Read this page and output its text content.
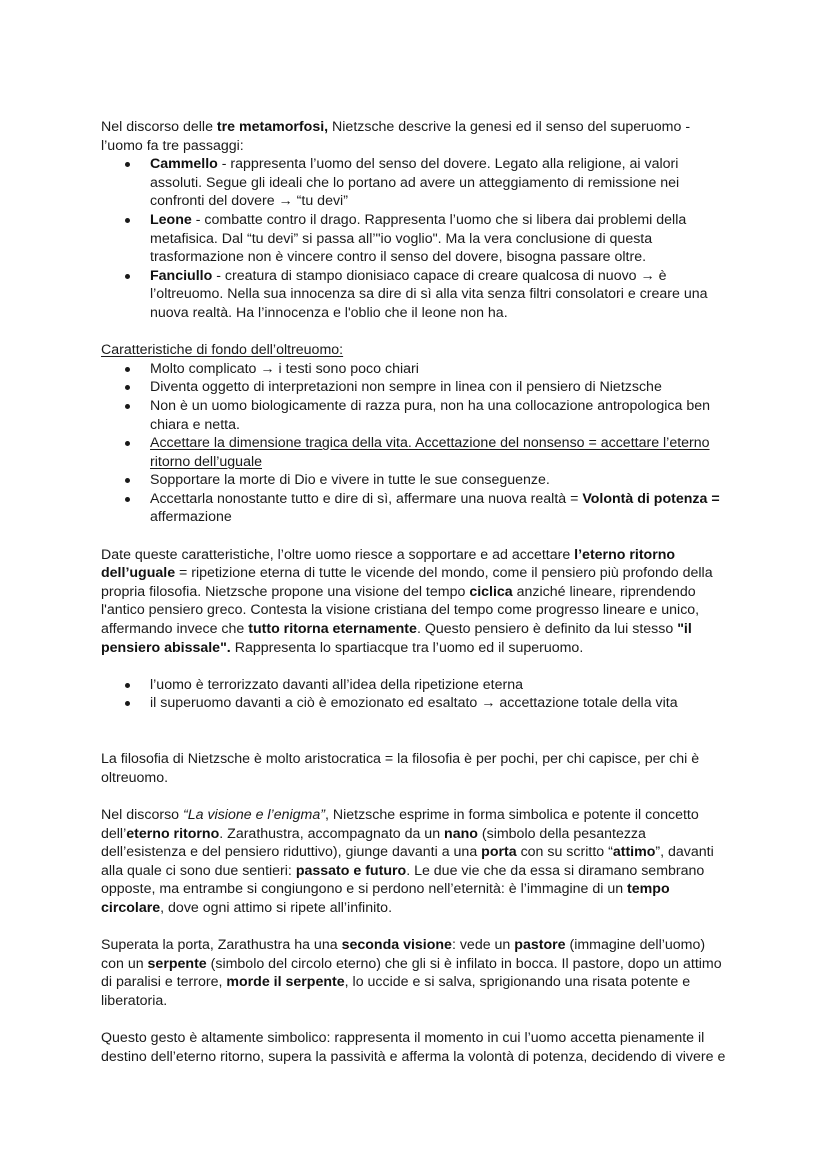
Nel discorso delle tre metamorfosi, Nietzsche descrive la genesi ed il senso del superuomo - l’uomo fa tre passaggi:

Cammello - rappresenta l’uomo del senso del dovere. Legato alla religione, ai valori assoluti. Segue gli ideali che lo portano ad avere un atteggiamento di remissione nei confronti del dovere → “tu devi”
Leone - combatte contro il drago. Rappresenta l’uomo che si libera dai problemi della metafisica. Dal “tu devi” si passa all’"io voglio". Ma la vera conclusione di questa trasformazione non è vincere contro il senso del dovere, bisogna passare oltre.
Fanciullo - creatura di stampo dionisiaco capace di creare qualcosa di nuovo → è l’oltreuomo. Nella sua innocenza sa dire di sì alla vita senza filtri consolatori e creare una nuova realtà. Ha l’innocenza e l'oblio che il leone non ha.

Caratteristiche di fondo dell’oltreuomo:

Molto complicato → i testi sono poco chiari
Diventa oggetto di interpretazioni non sempre in linea con il pensiero di Nietzsche
Non è un uomo biologicamente di razza pura, non ha una collocazione antropologica ben chiara e netta.
Accettare la dimensione tragica della vita. Accettazione del nonsenso = accettare l’eterno ritorno dell’uguale
Sopportare la morte di Dio e vivere in tutte le sue conseguenze.
Accettarla nonostante tutto e dire di sì, affermare una nuova realtà = Volontà di potenza = affermazione

Date queste caratteristiche, l’oltre uomo riesce a sopportare e ad accettare l’eterno ritorno dell’uguale = ripetizione eterna di tutte le vicende del mondo, come il pensiero più profondo della propria filosofia. Nietzsche propone una visione del tempo ciclica anziché lineare, riprendendo l'antico pensiero greco. Contesta la visione cristiana del tempo come progresso lineare e unico, affermando invece che tutto ritorna eternamente. Questo pensiero è definito da lui stesso "il pensiero abissale". Rappresenta lo spartiacque tra l’uomo ed il superuomo.

l’uomo è terrorizzato davanti all’idea della ripetizione eterna
il superuomo davanti a ciò è emozionato ed esaltato → accettazione totale della vita

La filosofia di Nietzsche è molto aristocratica = la filosofia è per pochi, per chi capisce, per chi è oltreuomo.

Nel discorso “La visione e l’enigma”, Nietzsche esprime in forma simbolica e potente il concetto dell’eterno ritorno. Zarathustra, accompagnato da un nano (simbolo della pesantezza dell’esistenza e del pensiero riduttivo), giunge davanti a una porta con su scritto “attimo”, davanti alla quale ci sono due sentieri: passato e futuro. Le due vie che da essa si diramano sembrano opposte, ma entrambe si congiungono e si perdono nell’eternità: è l’immagine di un tempo circolare, dove ogni attimo si ripete all’infinito.

Superata la porta, Zarathustra ha una seconda visione: vede un pastore (immagine dell’uomo) con un serpente (simbolo del circolo eterno) che gli si è infilato in bocca. Il pastore, dopo un attimo di paralisi e terrore, morde il serpente, lo uccide e si salva, sprigionando una risata potente e liberatoria.

Questo gesto è altamente simbolico: rappresenta il momento in cui l’uomo accetta pienamente il destino dell’eterno ritorno, supera la passività e afferma la volontà di potenza, decidendo di vivere e
